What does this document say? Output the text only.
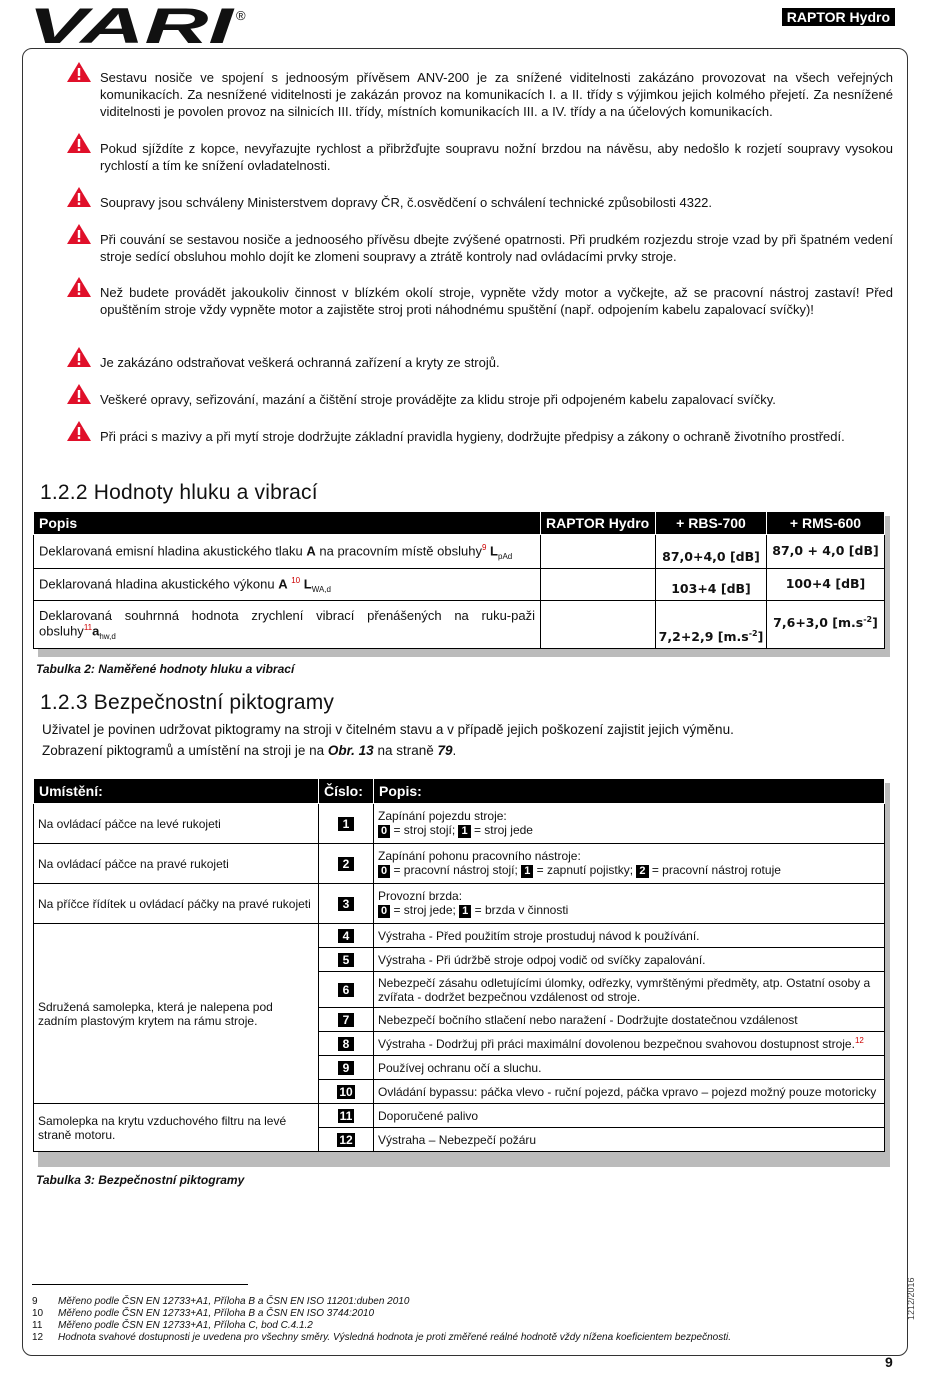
VARI ®	RAPTOR Hydro
Sestavu nosiče ve spojení s jednoosým přívěsem ANV-200 je za snížené viditelnosti zakázáno provozovat na všech veřejných komunikacích. Za nesnížené viditelnosti je zakázán provoz na komunikacích I. a II. třídy s výjimkou jejich kolmého přejetí. Za nesnížené viditelnosti je povolen provoz na silnicích III. třídy, místních komunikacích III. a IV. třídy a na účelových komunikacích.
Pokud sjíždíte z kopce, nevyřazujte rychlost a přibržďujte soupravu nožní brzdou na návěsu, aby nedošlo k rozjetí soupravy vysokou rychlostí a tím ke snížení ovladatelnosti.
Soupravy jsou schváleny Ministerstvem dopravy ČR, č.osvědčení o schválení technické způsobilosti 4322.
Při couvání se sestavou nosiče a jednoosého přívěsu dbejte zvýšené opatrnosti. Při prudkém rozjezdu stroje vzad by při špatném vedení stroje sedící obsluhou mohlo dojít ke zlomeni soupravy a ztrátě kontroly nad ovládacími prvky stroje.
Než budete provádět jakoukoliv činnost v blízkém okolí stroje, vypněte vždy motor a vyčkejte, až se pracovní nástroj zastaví! Před opuštěním stroje vždy vypněte motor a zajistěte stroj proti náhodnému spuštění (např. odpojením kabelu zapalovací svíčky)!
Je zakázáno odstraňovat veškerá ochranná zařízení a kryty ze strojů.
Veškeré opravy, seřizování, mazání a čištění stroje provádějte za klidu stroje při odpojeném kabelu zapalovací svíčky.
Při práci s mazivy a při mytí stroje dodržujte základní pravidla hygieny, dodržujte předpisy a zákony o ochraně životního prostředí.
1.2.2 Hodnoty hluku a vibrací
Popis	RAPTOR Hydro	+ RBS-700	+ RMS-600
Deklarovaná emisní hladina akustického tlaku A na pracovním místě obsluhy$^9$ $L_{pAd}$		87,0+4,0 [dB]	87,0 + 4,0 [dB]
Deklarovaná hladina akustického výkonu A $^{10}$ $L_{WA,d}$		103+4 [dB]	100+4 [dB]
Deklarovaná souhrnná hodnota zrychlení vibrací přenášených na ruku-paži $obsluhy^{11}a_{hw,d}$		7,2+2,9 $[m.s^{-2}]$	7,6+3,0 $[m.s^{-2}]$
Tabulka 2: Naměřené hodnoty hluku a vibrací
1.2.3 Bezpečnostní piktogramy
Uživatel je povinen udržovat piktogramy na stroji v čitelném stavu a v případě jejich poškození zajistit jejich výměnu.
Zobrazení piktogramů a umístění na stroji je na Obr. 13 na straně 79.
Umístění:	Číslo:	Popis:
Na ovládací páčce na levé rukojeti	1	Zapínání pojezdu stroje:
0 = stroj stojí; 1 = stroj jede

Na ovládací páčce na pravé rukojeti	2	Zapínání pohonu pracovního nástroje:
0 = pracovní nástroj stojí; 1 = zapnutí pojistky; 2 = pracovní nástroj rotuje

Na příčce řídítek u ovládací páčky na pravé rukojeti	3	Provozní brzda:
0 = stroj jede; 1 = brzda v činnosti

Sdružená samolepka, která je nalepena pod zadním plastovým krytem na rámu stroje.	4	Výstraha - Před použitím stroje prostuduj návod k používání.
	5	Výstraha - Při údržbě stroje odpoj vodič od svíčky zapalování.
	6	Nebezpečí zásahu odletujícími úlomky, odřezky, vymrštěnými předměty, atp. Ostatní osoby a zvířata - dodržet bezpečnou vzdálenost od stroje.
	7	Nebezpečí bočního stlačení nebo naražení - Dodržujte dostatečnou vzdálenost
	8	Výstraha - Dodržuj při práci maximální dovolenou bezpečnou svahovou dostupnost stroje.$^{12}$
	9	Používej ochranu očí a sluchu.
	10	Ovládání bypassu: páčka vlevo - ruční pojezd, páčka vpravo – pojezd možný pouze motoricky
Samolepka na krytu vzduchového filtru na levé straně motoru.	11	Doporučené palivo
	12	Výstraha – Nebezpečí požáru
Tabulka 3: Bezpečnostní piktogramy
9 Měřeno podle ČSN EN 12733+A1, Příloha B a ČSN EN ISO 11201:duben 2010
10 Měřeno podle ČSN EN 12733+A1, Příloha B a ČSN EN ISO 3744:2010
11 Měřeno podle ČSN EN 12733+A1, Příloha C, bod C.4.1.2
12 Hodnota svahové dostupnosti je uvedena pro všechny směry. Výsledná hodnota je proti změřené reálné hodnotě vždy nížena koeficientem bezpečnosti.
1212/2016
9
